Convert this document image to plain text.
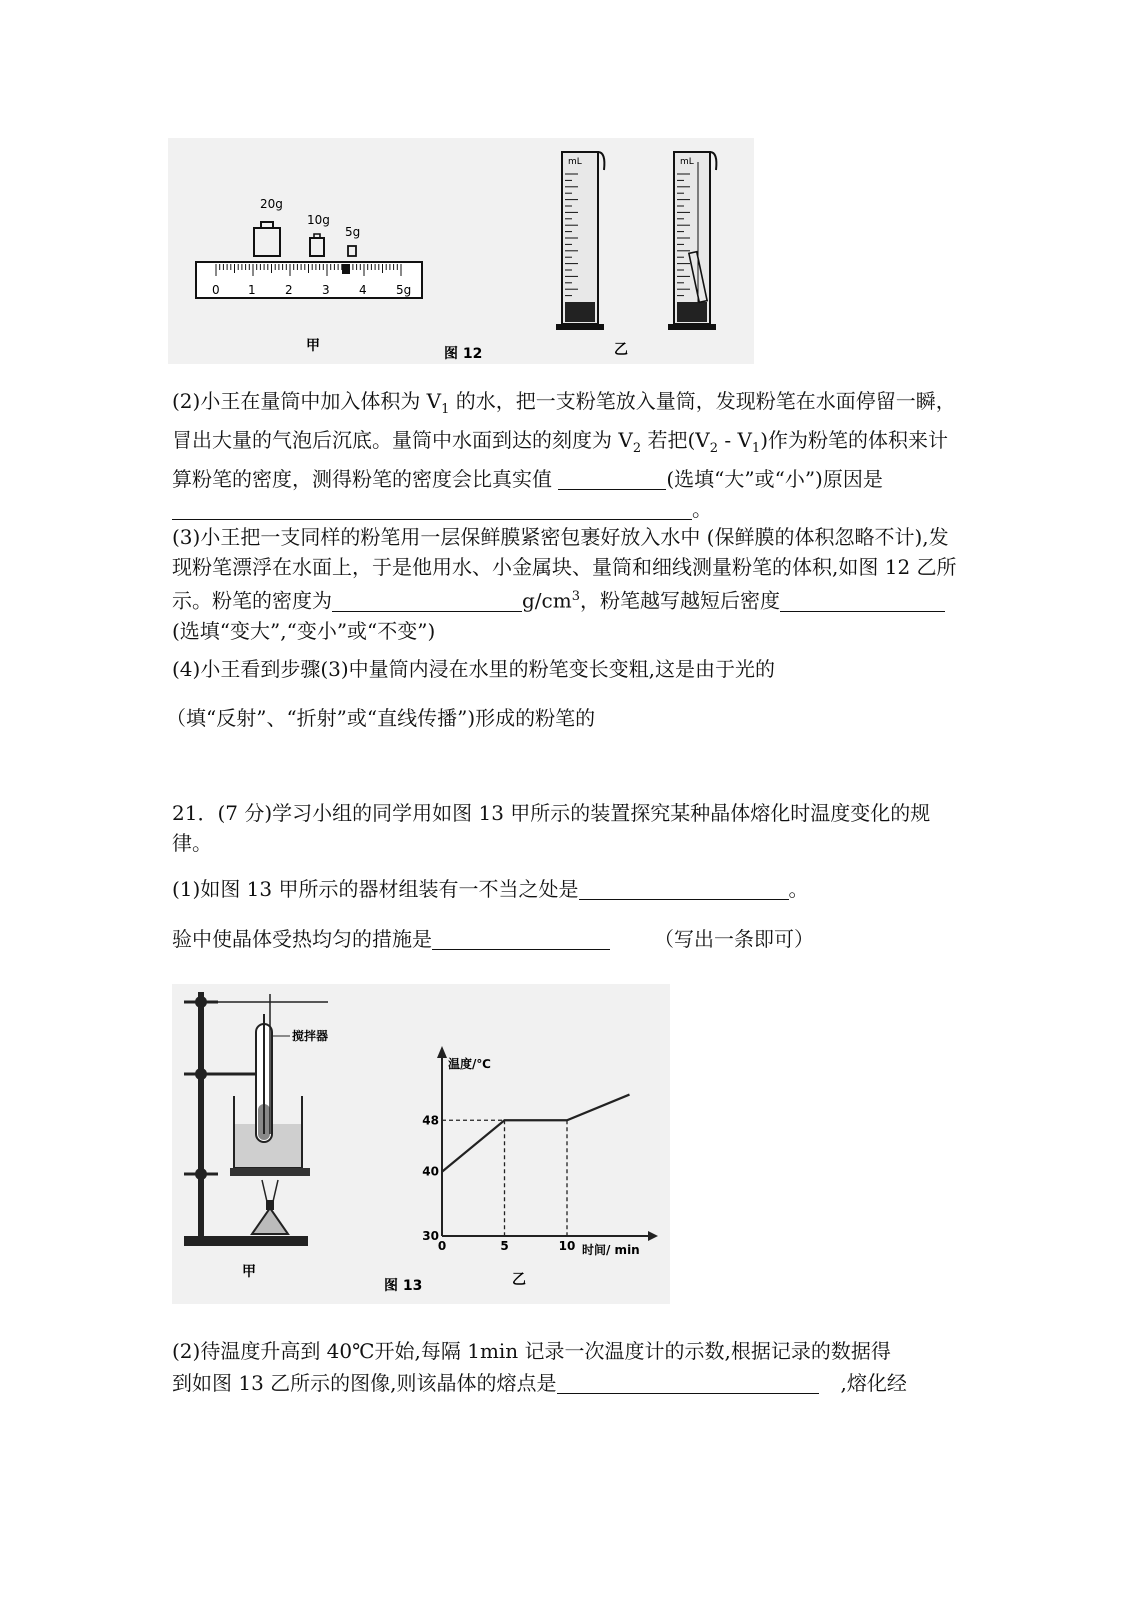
20g
10g
5g
0 1 2 3 4 5g
mL	mL
甲	图 12	乙
(2)小王在量筒中加入体积为 $V_1$ 的水，把一支粉笔放入量筒，发现粉笔在水面停留一瞬，冒出大量的气泡后沉底。量筒中水面到达的刻度为 $V_2$ 若把$(V_2 - V_1)$作为粉笔的体积来计算粉笔的密度，测得粉笔的密度会比真实值	(选填“大”或“小”)原因是。
(3)小王把一支同样的粉笔用一层保鲜膜紧密包裹好放入水中 (保鲜膜的体积忽略不计),发现粉笔漂浮在水面上，于是他用水、小金属块、量筒和细线测量粉笔的体积,如图 12 乙所示。粉笔的密度为	$g/cm^3$，粉笔越写越短后密度(选填“变大”,“变小”或“不变”)
(4)小王看到步骤(3)中量筒内浸在水里的粉笔变长变粗,这是由于光的
（填“反射”、“折射”或“直线传播”)形成的粉笔的
21．(7 分)学习小组的同学用如图 13 甲所示的装置探究某种晶体熔化时温度变化的规律。
(1)如图 13 甲所示的器材组装有一不当之处是	。
验中使晶体受热均匀的措施是	（写出一条即可）
搅拌器
甲
温度/℃
时间/ min
30
40
48
0	5	10
图 13	乙
(2)待温度升高到 40℃开始,每隔 1min 记录一次温度计的示数,根据记录的数据得
到如图 13 乙所示的图像,则该晶体的熔点是	,熔化经
